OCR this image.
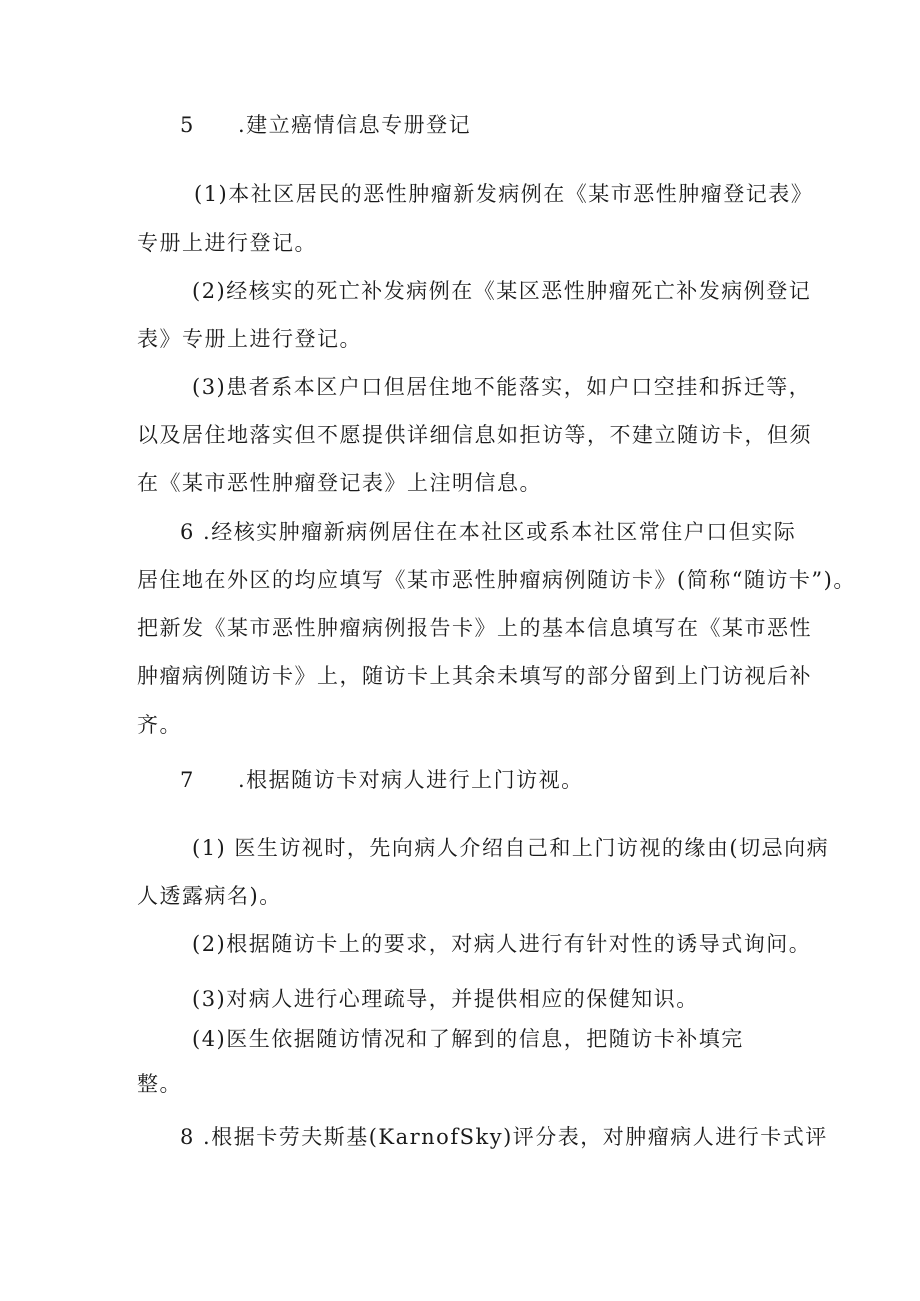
5 .建立癌情信息专册登记
(1)本社区居民的恶性肿瘤新发病例在《某市恶性肿瘤登记表》
专册上进行登记。
(2)经核实的死亡补发病例在《某区恶性肿瘤死亡补发病例登记
表》专册上进行登记。
(3)患者系本区户口但居住地不能落实，如户口空挂和拆迁等，
以及居住地落实但不愿提供详细信息如拒访等，不建立随访卡，但须
在《某市恶性肿瘤登记表》上注明信息。
6 .经核实肿瘤新病例居住在本社区或系本社区常住户口但实际
居住地在外区的均应填写《某市恶性肿瘤病例随访卡》(简称“随访卡”)。
把新发《某市恶性肿瘤病例报告卡》上的基本信息填写在《某市恶性
肿瘤病例随访卡》上，随访卡上其余未填写的部分留到上门访视后补
齐。
7 .根据随访卡对病人进行上门访视。
(1) 医生访视时，先向病人介绍自己和上门访视的缘由(切忌向病
人透露病名)。
(2)根据随访卡上的要求，对病人进行有针对性的诱导式询问。
(3)对病人进行心理疏导，并提供相应的保健知识。
(4)医生依据随访情况和了解到的信息，把随访卡补填完
整。
8 .根据卡劳夫斯基(KarnofSky)评分表，对肿瘤病人进行卡式评
